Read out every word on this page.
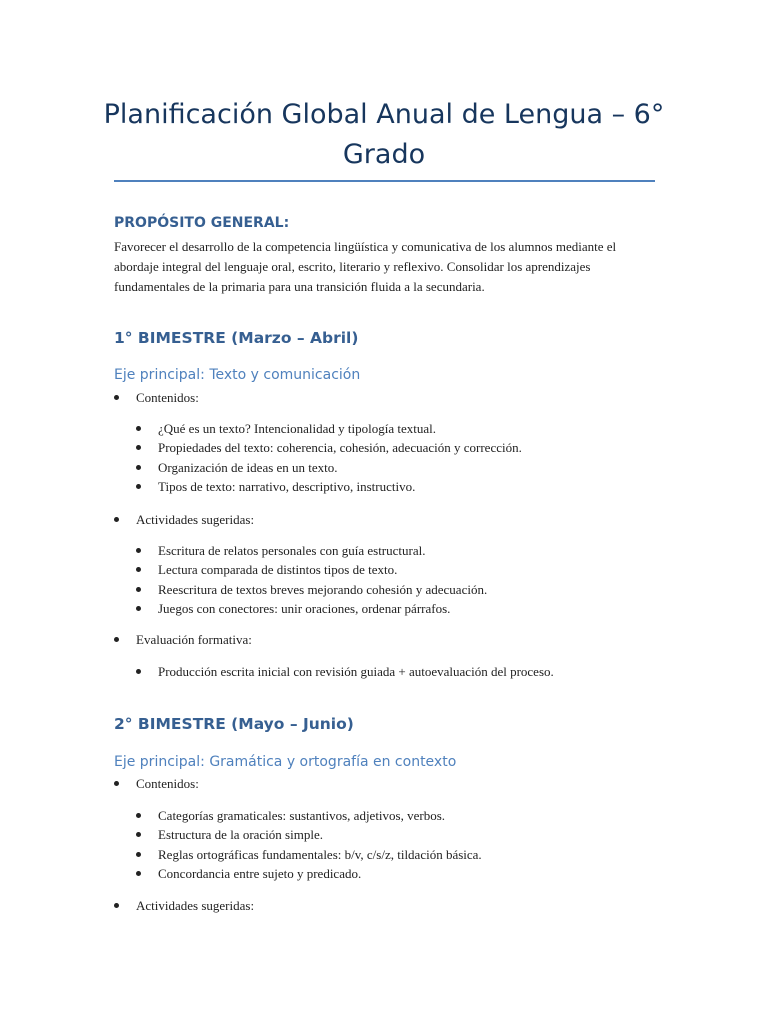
Planificación Global Anual de Lengua – 6° Grado
PROPÓSITO GENERAL:

Favorecer el desarrollo de la competencia lingüística y comunicativa de los alumnos mediante el abordaje integral del lenguaje oral, escrito, literario y reflexivo. Consolidar los aprendizajes fundamentales de la primaria para una transición fluida a la secundaria.

1° BIMESTRE (Marzo – Abril)
Eje principal: Texto y comunicación
Contenidos:
¿Qué es un texto? Intencionalidad y tipología textual.
Propiedades del texto: coherencia, cohesión, adecuación y corrección.
Organización de ideas en un texto.
Tipos de texto: narrativo, descriptivo, instructivo.
Actividades sugeridas:
Escritura de relatos personales con guía estructural.
Lectura comparada de distintos tipos de texto.
Reescritura de textos breves mejorando cohesión y adecuación.
Juegos con conectores: unir oraciones, ordenar párrafos.
Evaluación formativa:
Producción escrita inicial con revisión guiada + autoevaluación del proceso.
2° BIMESTRE (Mayo – Junio)
Eje principal: Gramática y ortografía en contexto
Contenidos:
Categorías gramaticales: sustantivos, adjetivos, verbos.
Estructura de la oración simple.
Reglas ortográficas fundamentales: b/v, c/s/z, tildación básica.
Concordancia entre sujeto y predicado.
Actividades sugeridas:
